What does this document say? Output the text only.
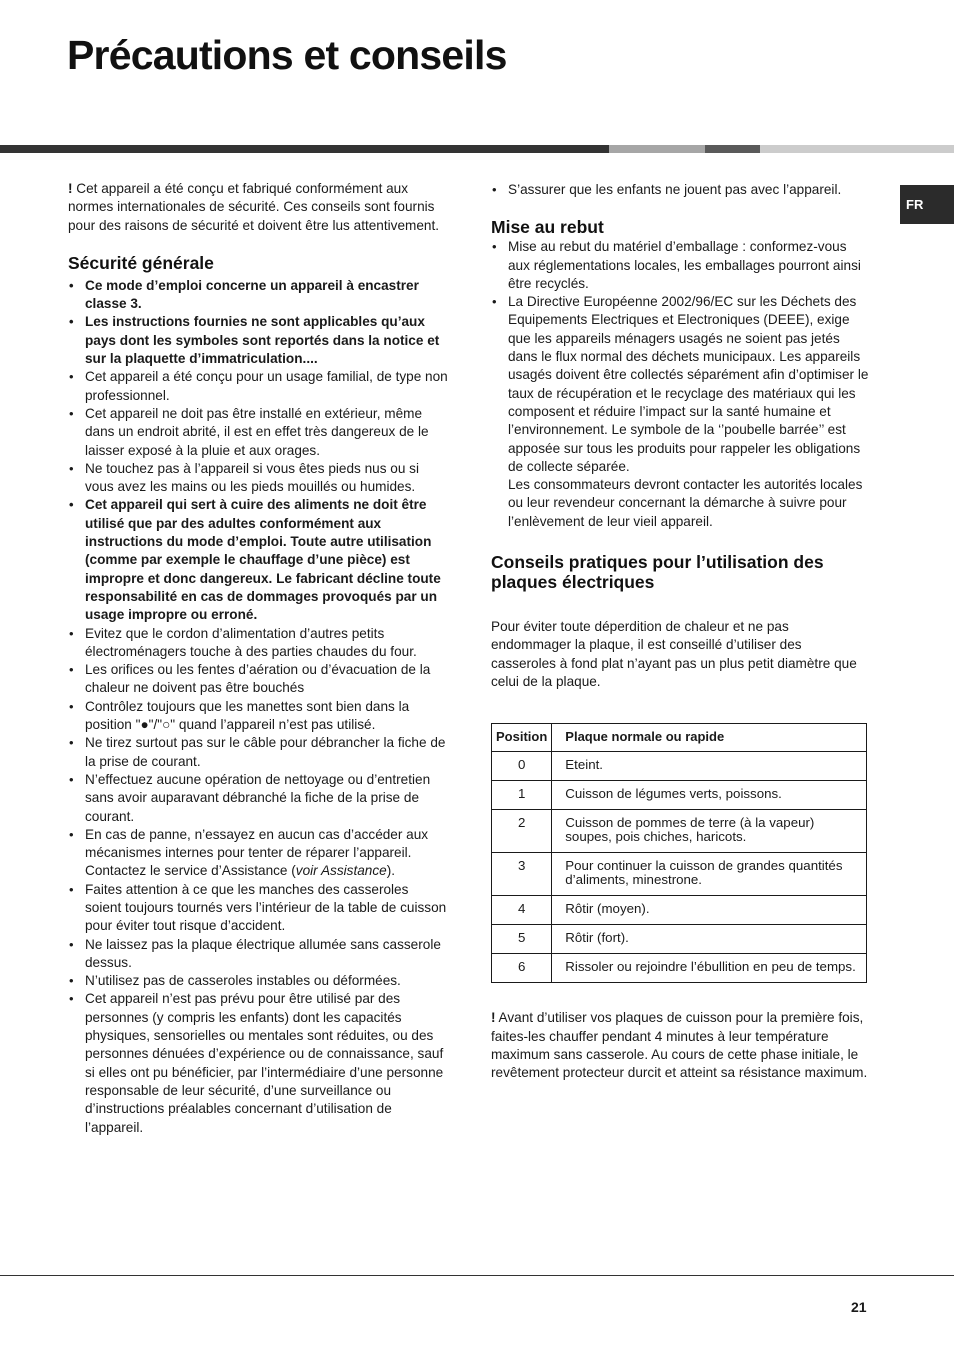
Précautions et conseils
FR

! Cet appareil a été conçu et fabriqué conformément aux normes internationales de sécurité. Ces conseils sont fournis pour des raisons de sécurité et doivent être lus attentivement.

Sécurité générale
• Ce mode d’emploi concerne un appareil à encastrer classe 3.
• Les instructions fournies ne sont applicables qu’aux pays dont les symboles sont reportés dans la notice et sur la plaquette d’immatriculation....
• Cet appareil a été conçu pour un usage familial, de type non professionnel.
• Cet appareil ne doit pas être installé en extérieur, même dans un endroit abrité, il est en effet très dangereux de le laisser exposé à la pluie et aux orages.
• Ne touchez pas à l’appareil si vous êtes pieds nus ou si vous avez les mains ou les pieds mouillés ou humides.
• Cet appareil qui sert à cuire des aliments ne doit être utilisé que par des adultes conformément aux instructions du mode d’emploi. Toute autre utilisation (comme par exemple le chauffage d’une pièce) est impropre et donc dangereux. Le fabricant décline toute responsabilité en cas de dommages provoqués par un usage impropre ou erroné.
• Evitez que le cordon d’alimentation d’autres petits électroménagers touche à des parties chaudes du four.
• Les orifices ou les fentes d’aération ou d’évacuation de la chaleur ne doivent pas être bouchés
• Contrôlez toujours que les manettes sont bien dans la position "●"/"○" quand l’appareil n’est pas utilisé.
• Ne tirez surtout pas sur le câble pour débrancher la fiche de la prise de courant.
• N’effectuez aucune opération de nettoyage ou d’entretien sans avoir auparavant débranché la fiche de la prise de courant.
• En cas de panne, n’essayez en aucun cas d’accéder aux mécanismes internes pour tenter de réparer l’appareil. Contactez le service d’Assistance (voir Assistance).
• Faites attention à ce que les manches des casseroles soient toujours tournés vers l’intérieur de la table de cuisson pour éviter tout risque d’accident.
• Ne laissez pas la plaque électrique allumée sans casserole dessus.
• N’utilisez pas de casseroles instables ou déformées.
• Cet appareil n’est pas prévu pour être utilisé par des personnes (y compris les enfants) dont les capacités physiques, sensorielles ou mentales sont réduites, ou des personnes dénuées d’expérience ou de connaissance, sauf si elles ont pu bénéficier, par l’intermédiaire d’une personne responsable de leur sécurité, d’une surveillance ou d’instructions préalables concernant d’utilisation de l’appareil.
• S’assurer que les enfants ne jouent pas avec l’appareil.
Mise au rebut
• Mise au rebut du matériel d’emballage : conformez-vous aux réglementations locales, les emballages pourront ainsi être recyclés.
• La Directive Européenne 2002/96/EC sur les Déchets des Equipements Electriques et Electroniques (DEEE), exige que les appareils ménagers usagés ne soient pas jetés dans le flux normal des déchets municipaux. Les appareils usagés doivent être collectés séparément afin d’optimiser le taux de récupération et le recyclage des matériaux qui les composent et réduire l’impact sur la santé humaine et l’environnement. Le symbole de la ‘’poubelle barrée’’ est apposée sur tous les produits pour rappeler les obligations de collecte séparée.

Les consommateurs devront contacter les autorités locales ou leur revendeur concernant la démarche à suivre pour l’enlèvement de leur vieil appareil.

Conseils pratiques pour l’utilisation des plaques électriques

Pour éviter toute déperdition de chaleur et ne pas endommager la plaque, il est conseillé d’utiliser des casseroles à fond plat n’ayant pas un plus petit diamètre que celui de la plaque.

Position	Plaque normale ou rapide
0	Eteint.
1	Cuisson de légumes verts, poissons.
2	Cuisson de pommes de terre (à la vapeur) soupes, pois chiches, haricots.
3	Pour continuer la cuisson de grandes quantités d’aliments, minestrone.
4	Rôtir (moyen).
5	Rôtir (fort).
6	Rissoler ou rejoindre l’ébullition en peu de temps.

! Avant d’utiliser vos plaques de cuisson pour la première fois, faites-les chauffer pendant 4 minutes à leur température maximum sans casserole. Au cours de cette phase initiale, le revêtement protecteur durcit et atteint sa résistance maximum.

21
